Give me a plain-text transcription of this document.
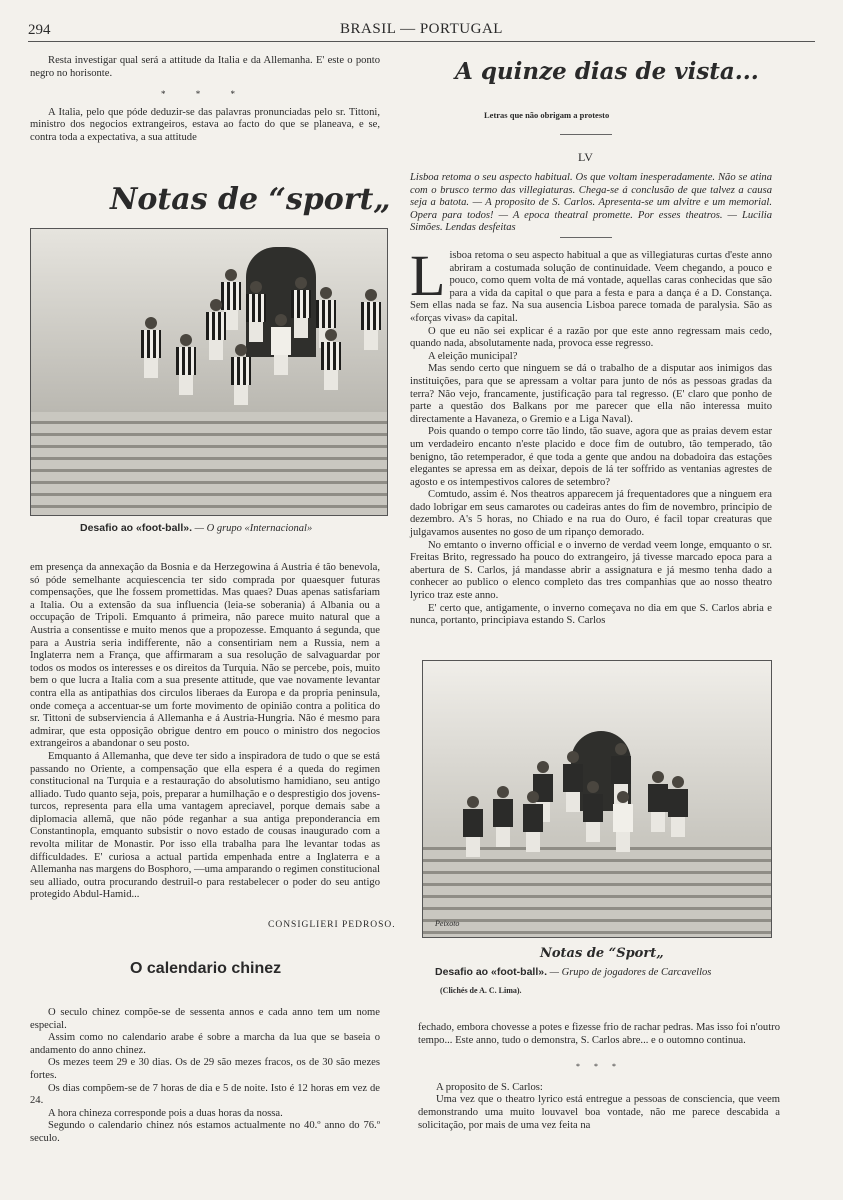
294	BRASIL — PORTUGAL

Resta investigar qual será a attitude da Italia e da Allemanha. E' este o ponto negro no horisonte.

* * *

A Italia, pelo que póde deduzir-se das palavras pronunciadas pelo sr. Tittoni, ministro dos negocios extrangeiros, estava ao facto do que se planeava, e se, contra toda a expectativa, a sua attitude

Notas de “sport„
Desafio ao «foot-ball». — O grupo «Internacional»

em presença da annexação da Bosnia e da Herzegowina á Austria é tão benevola, só póde semelhante acquiescencia ter sido comprada por quaesquer futuras compensações, que lhe fossem promettidas. Mas quaes? Duas apenas satisfariam a Italia. Ou a extensão da sua influencia (leia-se soberania) á Albania ou a occupação de Tripoli. Emquanto á primeira, não parece muito natural que a Austria a consentisse e muito menos que a propozesse. Emquanto á segunda, que para a Austria seria indifferente, não a consentiriam nem a Russia, nem a Inglaterra nem a França, que affirmaram a sua resolução de salvaguardar por todos os modos os interesses e os direitos da Turquia. Não se percebe, pois, muito bem o que lucra a Italia com a sua presente attitude, que vae novamente levantar contra ella as antipathias dos circulos liberaes da Europa e da propria peninsula, onde começa a accentuar-se um forte movimento de opinião contra a politica do sr. Tittoni de subserviencia á Allemanha e á Austria-Hungria. Não é mesmo para admirar, que esta opposição obrigue dentro em pouco o ministro dos negocios extrangeiros a abandonar o seu posto.

Emquanto á Allemanha, que deve ter sido a inspiradora de tudo o que se está passando no Oriente, a compensação que ella espera é a queda do regimen constitucional na Turquia e a restauração do absolutismo hamidiano, seu antigo alliado. Tudo quanto seja, pois, preparar a humilhação e o desprestigio dos jovens-turcos, representa para ella uma vantagem apreciavel, porque demais sabe a diplomacia allemã, que não póde reganhar a sua antiga preponderancia em Constantinopla, emquanto subsistir o novo estado de cousas inaugurado com a revolta militar de Monastir. Por isso ella trabalha para lhe levantar todas as difficuldades. E' curiosa a actual partida empenhada entre a Inglaterra e a Allemanha nas margens do Bosphoro, —uma amparando o regimen constitucional seu alliado, outra procurando destruil-o para restabelecer o poder do seu antigo protegido Abdul-Hamid...

CONSIGLIERI PEDROSO.
O calendario chinez

O seculo chinez compõe-se de sessenta annos e cada anno tem um nome especial.

Assim como no calendario arabe é sobre a marcha da lua que se baseia o andamento do anno chinez.

Os mezes teem 29 e 30 dias. Os de 29 são mezes fracos, os de 30 são mezes fortes.

Os dias compõem-se de 7 horas de dia e 5 de noite. Isto é 12 horas em vez de 24.

A hora chineza corresponde pois a duas horas da nossa.

Segundo o calendario chinez nós estamos actualmente no 40.º anno do 76.º seculo.

A quinze dias de vista...
Letras que não obrigam a protesto
LV
Lisboa retoma o seu aspecto habitual. Os que voltam inesperadamente. Não se atina com o brusco termo das villegiaturas. Chega-se á conclusão de que talvez a causa seja a batota. — A proposito de S. Carlos. Apresenta-se um alvitre e um memorial. Opera para todos! — A epoca theatral promette. Por esses theatros. — Lucilia Simões. Lendas desfeitas
L isboa retoma o seu aspecto habitual a que as villegiaturas curtas d'este anno abriram a costumada solução de continuidade. Veem chegando, a pouco e pouco, como quem volta de má vontade, aquellas caras conhecidas que são para a vida da capital o que para a festa e para a dança é a D. Constança. Sem ellas nada se faz. Na sua ausencia Lisboa parece tomada de paralysia. São as «forças vivas» da capital.

O que eu não sei explicar é a razão por que este anno regressam mais cedo, quando nada, absolutamente nada, provoca esse regresso.

A eleição municipal?

Mas sendo certo que ninguem se dá o trabalho de a disputar aos inimigos das instituições, para que se apressam a voltar para junto de nós as pessoas gradas da terra? Não vejo, francamente, justificação para tal regresso. (E' claro que ponho de parte a questão dos Balkans por me parecer que ella não interessa muito directamente a Havaneza, o Gremio e a Liga Naval).

Pois quando o tempo corre tão lindo, tão suave, agora que as praias devem estar um verdadeiro encanto n'este placido e doce fim de outubro, tão temperado, tão benigno, tão retemperador, é que toda a gente que andou na dobadoira das estações elegantes se apressa em as deixar, depois de lá ter soffrido as ventanias agrestes de agosto e os intempestivos calores de setembro?

Comtudo, assim é. Nos theatros apparecem já frequentadores que a ninguem era dado lobrigar em seus camarotes ou cadeiras antes do fim de novembro, principio de dezembro. A's 5 horas, no Chiado e na rua do Ouro, é facil topar creaturas que julgavamos ausentes no goso de um ripanço demorado.

No emtanto o inverno official e o inverno de verdad veem longe, emquanto o sr. Freitas Brito, regressado ha pouco do extrangeiro, já tivesse marcado epoca para a abertura de S. Carlos, já mandasse abrir a assignatura e já mesmo tenha dado a conhecer ao publico o elenco completo das tres companhias que ao nosso theatro lyrico traz este anno.

E' certo que, antigamente, o inverno começava no dia em que S. Carlos abria e nunca, portanto, principiava estando S. Carlos

Peixoto
Notas de “Sport„
Desafio ao «foot-ball». — Grupo de jogadores de Carcavellos
(Clichés de A. C. Lima).

fechado, embora chovesse a potes e fizesse frio de rachar pedras. Mas isso foi n'outro tempo... Este anno, tudo o demonstra, S. Carlos abre... e o outomno continua.

* * *

A proposito de S. Carlos:

Uma vez que o theatro lyrico está entregue a pessoas de consciencia, que veem demonstrando uma muito louvavel boa vontade, não me parece descabida a solicitação, por mais de uma vez feita na
